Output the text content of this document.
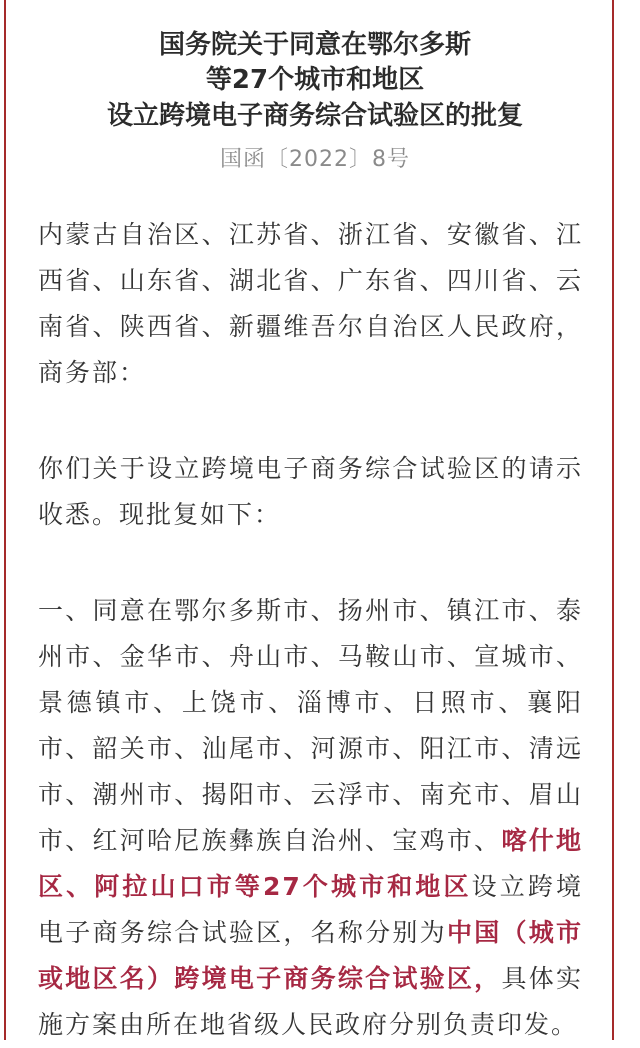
国务院关于同意在鄂尔多斯
等27个城市和地区
设立跨境电子商务综合试验区的批复
国函〔2022〕8号
内蒙古自治区、江苏省、浙江省、安徽省、江西省、山东省、湖北省、广东省、四川省、云南省、陕西省、新疆维吾尔自治区人民政府，商务部：
你们关于设立跨境电子商务综合试验区的请示收悉。现批复如下：
一、同意在鄂尔多斯市、扬州市、镇江市、泰州市、金华市、舟山市、马鞍山市、宣城市、景德镇市、上饶市、淄博市、日照市、襄阳市、韶关市、汕尾市、河源市、阳江市、清远市、潮州市、揭阳市、云浮市、南充市、眉山市、红河哈尼族彝族自治州、宝鸡市、喀什地区、阿拉山口市等27个城市和地区设立跨境电子商务综合试验区，名称分别为中国（城市或地区名）跨境电子商务综合试验区，具体实施方案由所在地省级人民政府分别负责印发。
